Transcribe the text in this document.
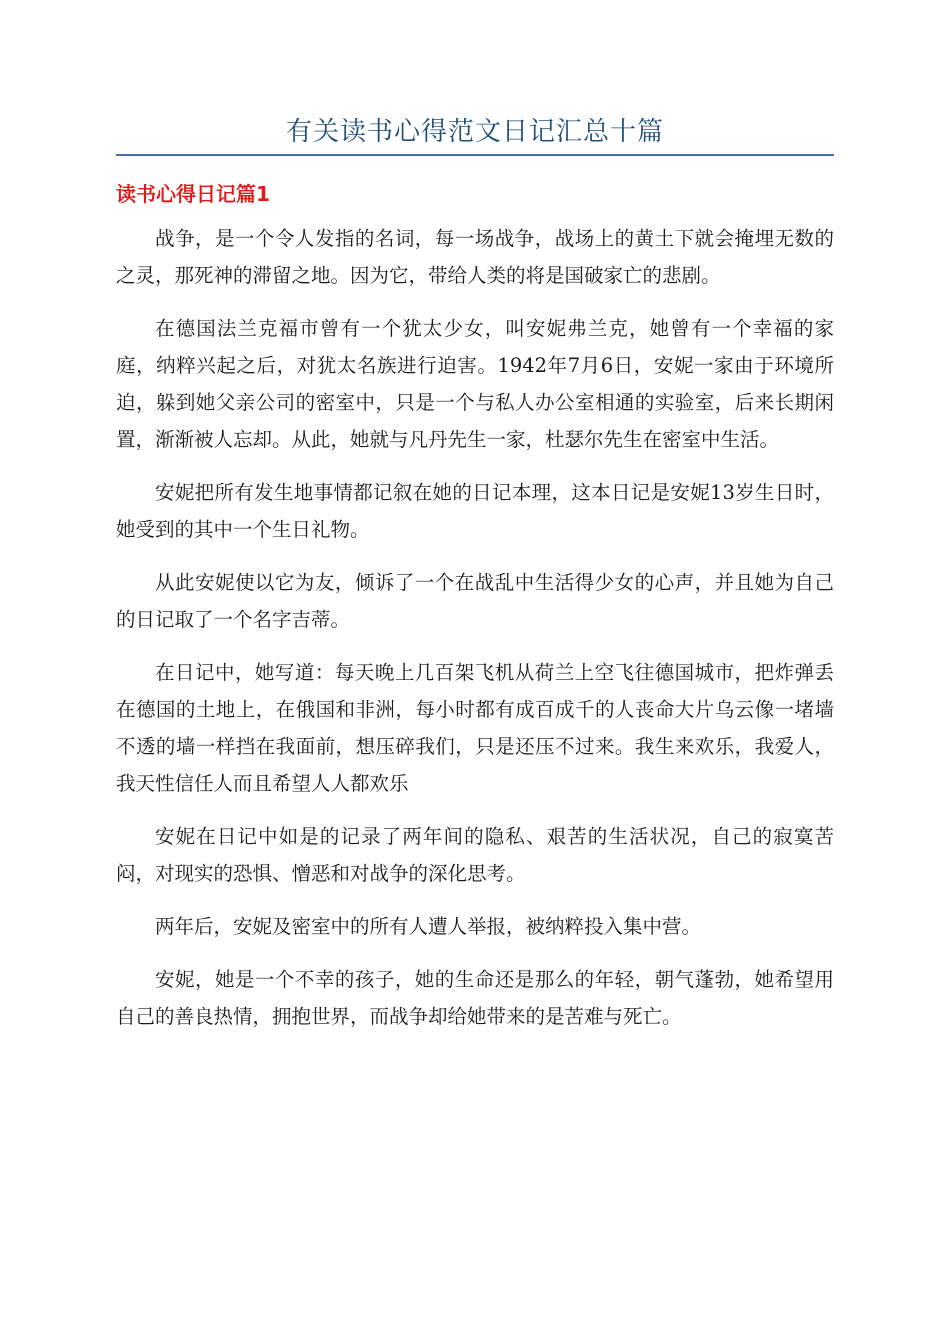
有关读书心得范文日记汇总十篇
读书心得日记篇1

战争，是一个令人发指的名词，每一场战争，战场上的黄土下就会掩埋无数的之灵，那死神的滞留之地。因为它，带给人类的将是国破家亡的悲剧。

在德国法兰克福市曾有一个犹太少女，叫安妮弗兰克，她曾有一个幸福的家庭，纳粹兴起之后，对犹太名族进行迫害。1942年7月6日，安妮一家由于环境所迫，躲到她父亲公司的密室中，只是一个与私人办公室相通的实验室，后来长期闲置，渐渐被人忘却。从此，她就与凡丹先生一家，杜瑟尔先生在密室中生活。

安妮把所有发生地事情都记叙在她的日记本理，这本日记是安妮13岁生日时，她受到的其中一个生日礼物。

从此安妮使以它为友，倾诉了一个在战乱中生活得少女的心声，并且她为自己的日记取了一个名字吉蒂。

在日记中，她写道：每天晚上几百架飞机从荷兰上空飞往德国城市，把炸弹丢在德国的土地上，在俄国和非洲，每小时都有成百成千的人丧命大片乌云像一堵墙不透的墙一样挡在我面前，想压碎我们，只是还压不过来。我生来欢乐，我爱人，我天性信任人而且希望人人都欢乐

安妮在日记中如是的记录了两年间的隐私、艰苦的生活状况，自己的寂寞苦闷，对现实的恐惧、憎恶和对战争的深化思考。

两年后，安妮及密室中的所有人遭人举报，被纳粹投入集中营。

安妮，她是一个不幸的孩子，她的生命还是那么的年轻，朝气蓬勃，她希望用自己的善良热情，拥抱世界，而战争却给她带来的是苦难与死亡。
